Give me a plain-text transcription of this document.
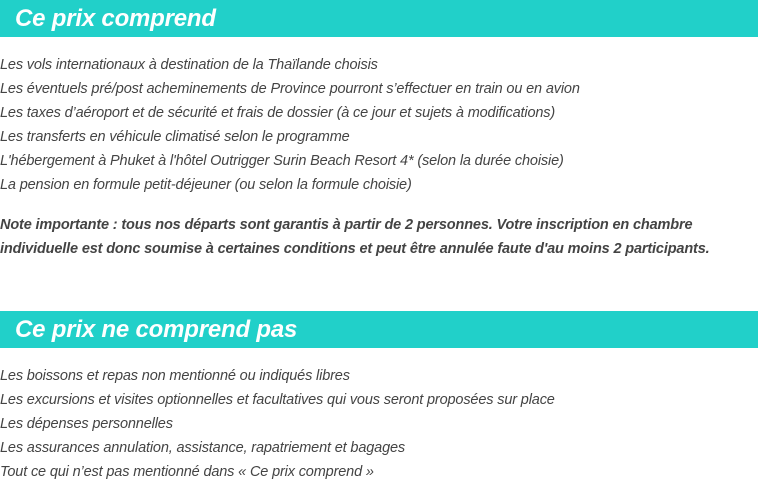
Ce prix comprend
Les vols internationaux à destination de la Thaïlande choisis
Les éventuels pré/post acheminements de Province pourront s’effectuer en train ou en avion
Les taxes d’aéroport et de sécurité et frais de dossier (à ce jour et sujets à modifications)
Les transferts en véhicule climatisé selon le programme
L'hébergement à Phuket à l'hôtel Outrigger Surin Beach Resort 4* (selon la durée choisie)
La pension en formule petit-déjeuner (ou selon la formule choisie)

Note importante : tous nos départs sont garantis à partir de 2 personnes. Votre inscription en chambre individuelle est donc soumise à certaines conditions et peut être annulée faute d'au moins 2 participants.

Ce prix ne comprend pas
Les boissons et repas non mentionné ou indiqués libres
Les excursions et visites optionnelles et facultatives qui vous seront proposées sur place
Les dépenses personnelles
Les assurances annulation, assistance, rapatriement et bagages
Tout ce qui n’est pas mentionné dans « Ce prix comprend »
